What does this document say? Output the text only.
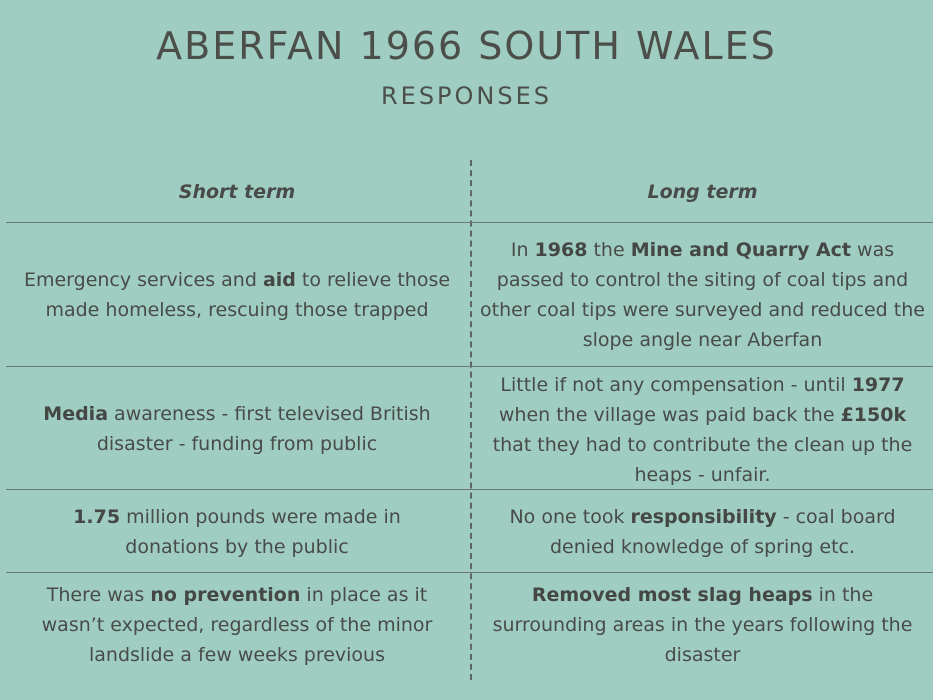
ABERFAN 1966 SOUTH WALES
RESPONSES
Short term	Long term
Emergency services and aid to relieve those made homeless, rescuing those trapped
In 1968 the Mine and Quarry Act was passed to control the siting of coal tips and other coal tips were surveyed and reduced the slope angle near Aberfan
Media awareness - first televised British disaster - funding from public
Little if not any compensation - until 1977 when the village was paid back the £150k that they had to contribute the clean up the heaps - unfair.
1.75 million pounds were made in donations by the public
No one took responsibility - coal board denied knowledge of spring etc.
There was no prevention in place as it wasn’t expected, regardless of the minor landslide a few weeks previous
Removed most slag heaps in the surrounding areas in the years following the disaster
